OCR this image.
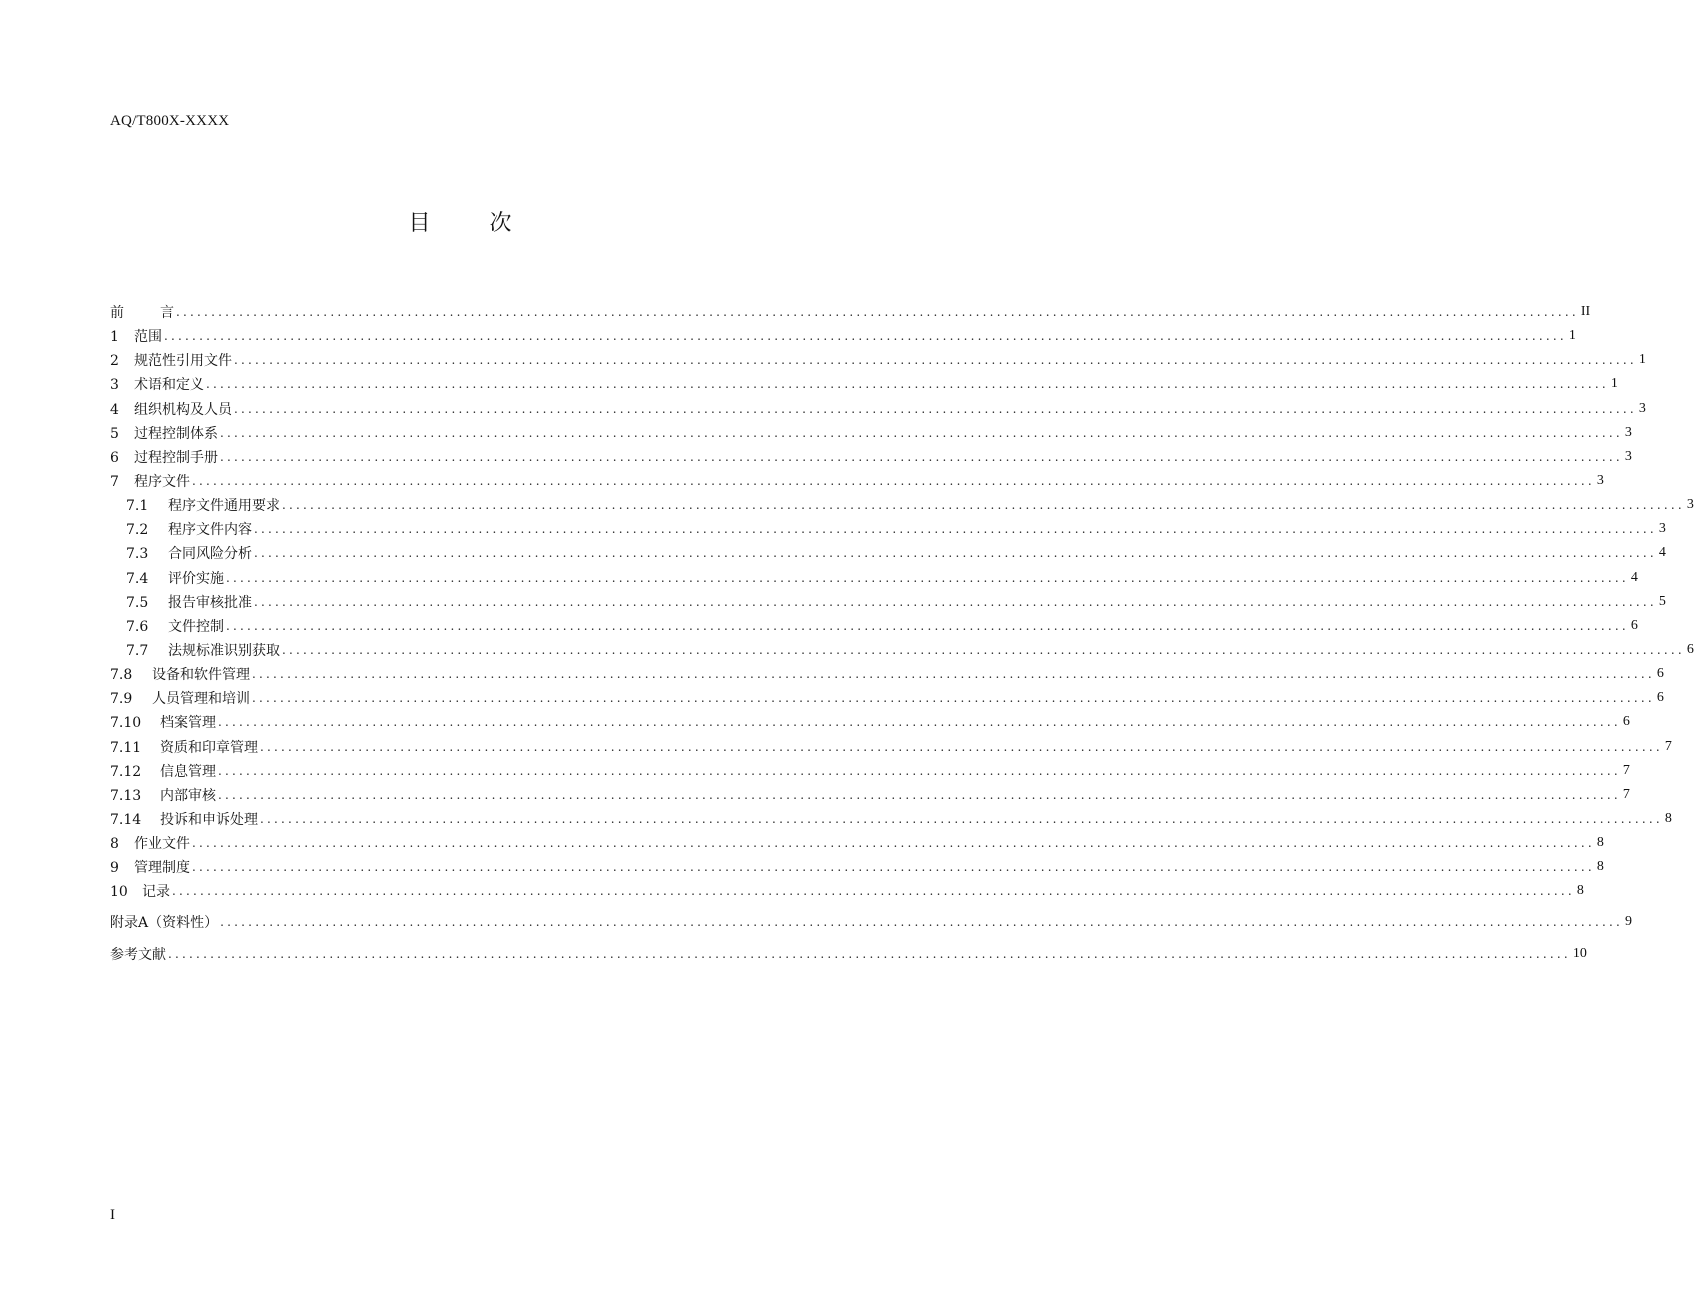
AQ/T800X-XXXX
目 次
前	言 ........................................................................................................................................................................................................ II
1 范围 ........................................................................................................................................................................................................ 1
2 规范性引用文件 ........................................................................................................................................................................................................ 1
3 术语和定义 ........................................................................................................................................................................................................ 1
4 组织机构及人员 ........................................................................................................................................................................................................ 3
5 过程控制体系 ........................................................................................................................................................................................................ 3
6 过程控制手册 ........................................................................................................................................................................................................ 3
7 程序文件 ........................................................................................................................................................................................................ 3
7.1 程序文件通用要求 ........................................................................................................................................................................................................ 3
7.2 程序文件内容 ........................................................................................................................................................................................................ 3
7.3 合同风险分析 ........................................................................................................................................................................................................ 4
7.4 评价实施 ........................................................................................................................................................................................................ 4
7.5 报告审核批准 ........................................................................................................................................................................................................ 5
7.6 文件控制 ........................................................................................................................................................................................................ 6
7.7 法规标准识别获取 ........................................................................................................................................................................................................ 6
7.8 设备和软件管理 ........................................................................................................................................................................................................ 6
7.9 人员管理和培训 ........................................................................................................................................................................................................ 6
7.10 档案管理 ........................................................................................................................................................................................................ 6
7.11 资质和印章管理 ........................................................................................................................................................................................................ 7
7.12 信息管理 ........................................................................................................................................................................................................ 7
7.13 内部审核 ........................................................................................................................................................................................................ 7
7.14 投诉和申诉处理 ........................................................................................................................................................................................................ 8
8 作业文件 ........................................................................................................................................................................................................ 8
9 管理制度 ........................................................................................................................................................................................................ 8
10 记录 ........................................................................................................................................................................................................ 8
附录A（资料性） ........................................................................................................................................................................................................ 9
参考文献 ........................................................................................................................................................................................................ 10
I
